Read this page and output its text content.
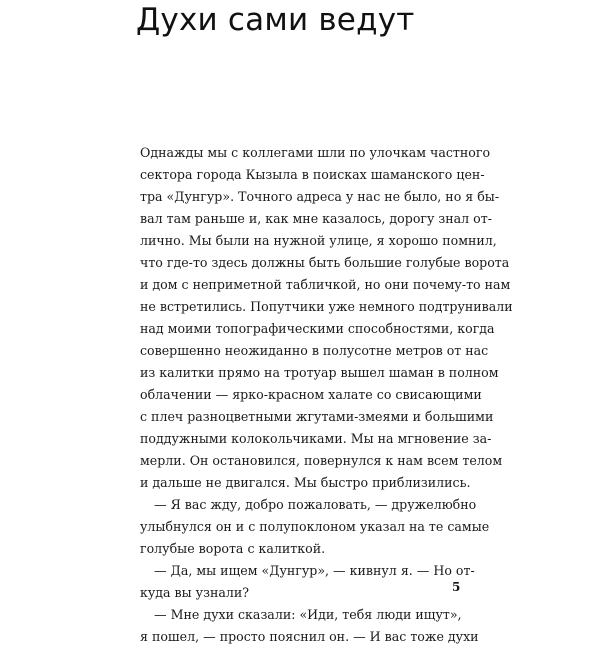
Духи сами ведут
Однажды мы с коллегами шли по улочкам частного
сектора города Кызыла в поисках шаманского цен-
тра «Дунгур». Точного адреса у нас не было, но я бы-
вал там раньше и, как мне казалось, дорогу знал от-
лично. Мы были на нужной улице, я хорошо помнил,
что где-то здесь должны быть большие голубые ворота
и дом с неприметной табличкой, но они почему-то нам
не встретились. Попутчики уже немного подтрунивали
над моими топографическими способностями, когда
совершенно неожиданно в полусотне метров от нас
из калитки прямо на тротуар вышел шаман в полном
облачении — ярко-красном халате со свисающими
с плеч разноцветными жгутами-змеями и большими
поддужными колокольчиками. Мы на мгновение за-
мерли. Он остановился, повернулся к нам всем телом
и дальше не двигался. Мы быстро приблизились.
— Я вас жду, добро пожаловать, — дружелюбно
улыбнулся он и с полупоклоном указал на те самые
голубые ворота с калиткой.
— Да, мы ищем «Дунгур», — кивнул я. — Но от-
куда вы узнали?
— Мне духи сказали: «Иди, тебя люди ищут»,
я пошел, — просто пояснил он. — И вас тоже духи
5
